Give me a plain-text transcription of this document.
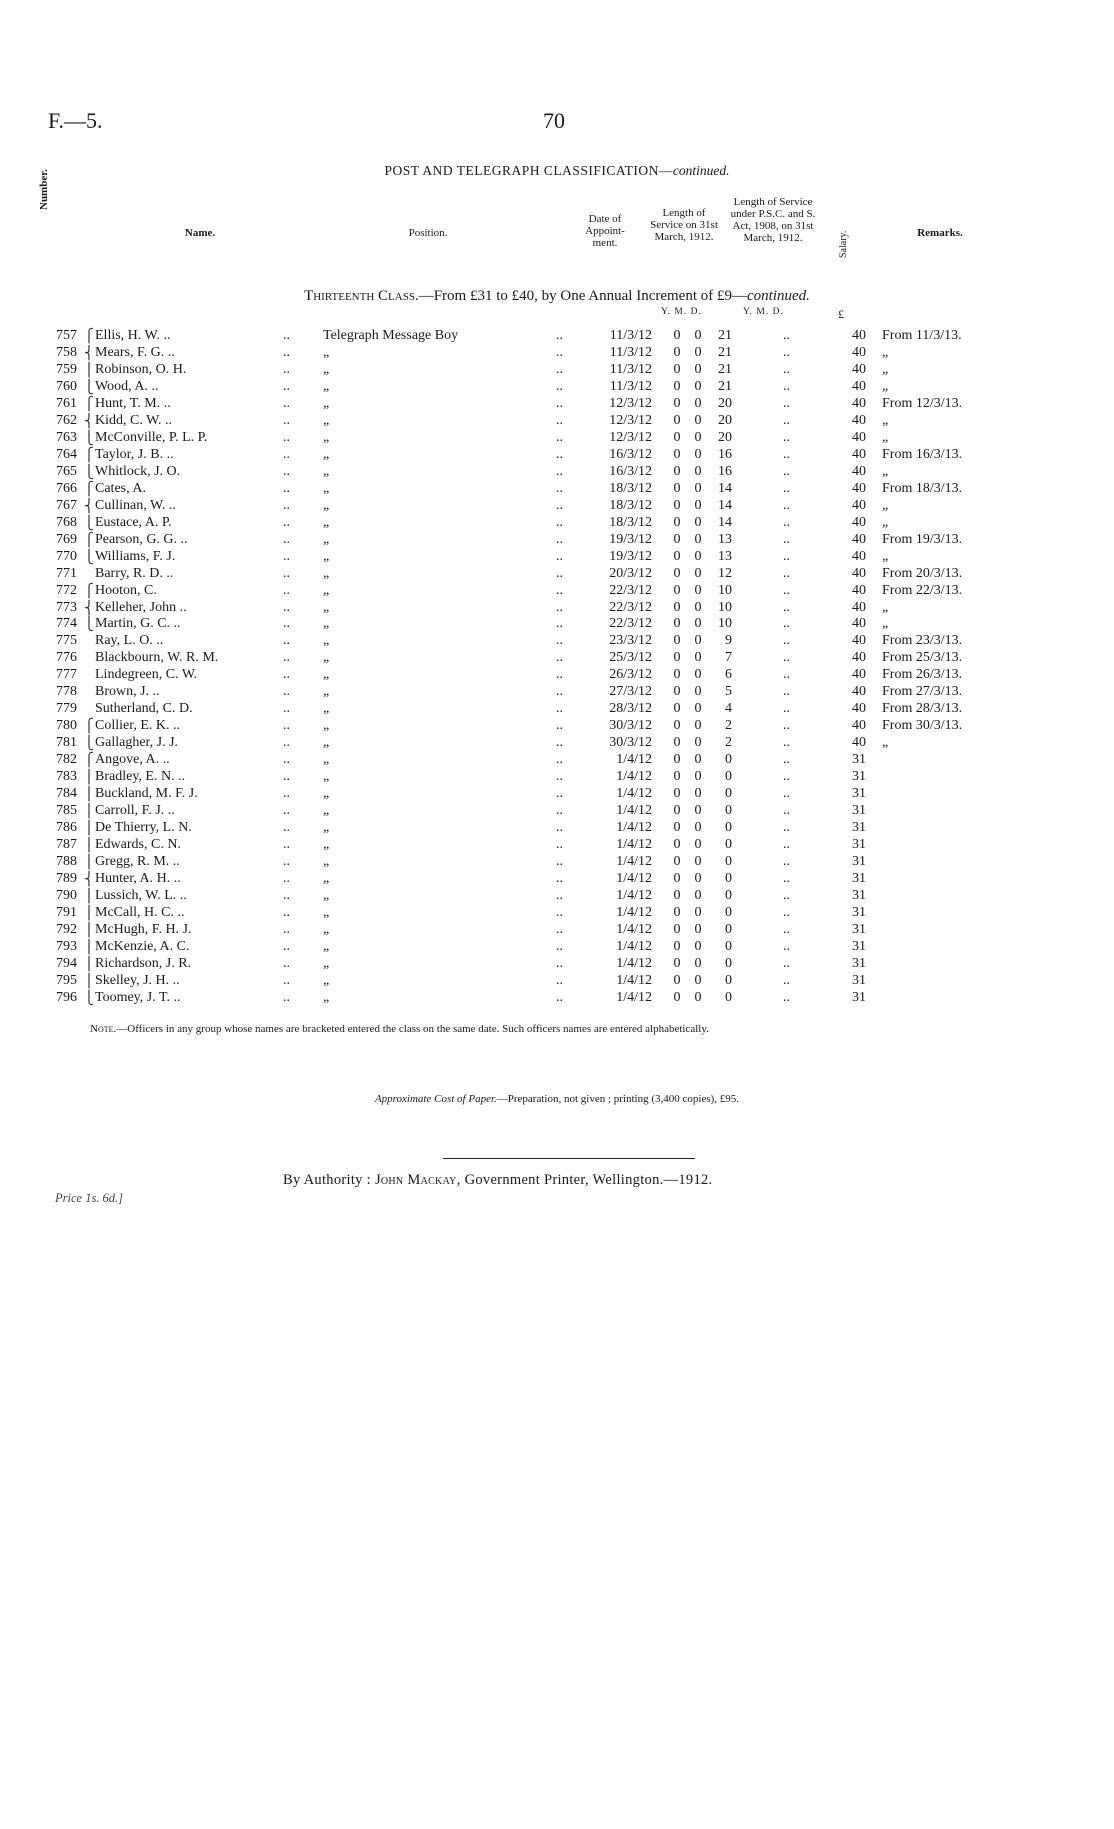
F.—5.	70
POST AND TELEGRAPH CLASSIFICATION—continued.
Number.
Name.	Position.
Date of Appoint- ment.
Length of Service on 31st March, 1912.
Length of Service under P.S.C. and S. Act, 1908, on 31st March, 1912.	Salary.	Remarks.
Thirteenth Class.—From £31 to £40, by One Annual Increment of £9—continued.
Y. M. D.	Y. M. D.	£
757 ⎧ Ellis, H. W. ..	.. Telegraph Message Boy	..	11/3/12 0 0	21	..	40 From 11/3/13.
758 ⎨ Mears, F. G. ..	.. „	..	11/3/12 0 0	21	..	40 „
759 ⎪ Robinson, O. H.	.. „	..	11/3/12 0 0	21	..	40 „
760 ⎩ Wood, A. ..	.. „	..	11/3/12 0 0	21	..	40 „
761 ⎧ Hunt, T. M. ..	.. „	..	12/3/12 0 0	20	..	40 From 12/3/13.
762 ⎨ Kidd, C. W. ..	.. „	..	12/3/12 0 0	20	..	40 „
763 ⎩ McConville, P. L. P.	.. „	..	12/3/12 0 0	20	..	40 „
764 ⎧ Taylor, J. B. ..	.. „	..	16/3/12 0 0	16	..	40 From 16/3/13.
765 ⎩ Whitlock, J. O.	.. „	..	16/3/12 0 0	16	..	40 „
766 ⎧ Cates, A.	.. „	..	18/3/12 0 0	14	..	40 From 18/3/13.
767 ⎨ Cullinan, W. ..	.. „	..	18/3/12 0 0	14	..	40 „
768 ⎩ Eustace, A. P.	.. „	..	18/3/12 0 0	14	..	40 „
769 ⎧ Pearson, G. G. ..	.. „	..	19/3/12 0 0	13	..	40 From 19/3/13.
770 ⎩ Williams, F. J.	.. „	..	19/3/12 0 0	13	..	40 „
771 Barry, R. D. ..	.. „	..	20/3/12 0 0	12	..	40 From 20/3/13.
772 ⎧ Hooton, C.	.. „	..	22/3/12 0 0	10	..	40 From 22/3/13.
773 ⎨ Kelleher, John ..	.. „	..	22/3/12 0 0	10	..	40 „
774 ⎩ Martin, G. C. ..	.. „	..	22/3/12 0 0	10	..	40 „
775 Ray, L. O. ..	.. „	..	23/3/12 0 0	9	..	40 From 23/3/13.
776 Blackbourn, W. R. M.	.. „	..	25/3/12 0 0	7	..	40 From 25/3/13.
777 Lindegreen, C. W.	.. „	..	26/3/12 0 0	6	..	40 From 26/3/13.
778 Brown, J. ..	.. „	..	27/3/12 0 0	5	..	40 From 27/3/13.
779 Sutherland, C. D.	.. „	..	28/3/12 0 0	4	..	40 From 28/3/13.
780 ⎧ Collier, E. K. ..	.. „	..	30/3/12 0 0	2	..	40 From 30/3/13.
781 ⎩ Gallagher, J. J.	.. „	..	30/3/12 0 0	2	..	40 „
782 ⎧ Angove, A. ..	.. „	..	1/4/12 0 0	0	..	31
783 ⎪ Bradley, E. N. ..	.. „	..	1/4/12 0 0	0	..	31
784 ⎪ Buckland, M. F. J.	.. „	..	1/4/12 0 0	0	..	31
785 ⎪ Carroll, F. J. ..	.. „	..	1/4/12 0 0	0	..	31
786 ⎪ De Thierry, L. N.	.. „	..	1/4/12 0 0	0	..	31
787 ⎪ Edwards, C. N.	.. „	..	1/4/12 0 0	0	..	31
788 ⎪ Gregg, R. M. ..	.. „	..	1/4/12 0 0	0	..	31
789 ⎨ Hunter, A. H. ..	.. „	..	1/4/12 0 0	0	..	31
790 ⎪ Lussich, W. L. ..	.. „	..	1/4/12 0 0	0	..	31
791 ⎪ McCall, H. C. ..	.. „	..	1/4/12 0 0	0	..	31
792 ⎪ McHugh, F. H. J.	.. „	..	1/4/12 0 0	0	..	31
793 ⎪ McKenzie, A. C.	.. „	..	1/4/12 0 0	0	..	31
794 ⎪ Richardson, J. R.	.. „	..	1/4/12 0 0	0	..	31
795 ⎪ Skelley, J. H. ..	.. „	..	1/4/12 0 0	0	..	31
796 ⎩ Toomey, J. T. ..	.. „	..	1/4/12 0 0	0	..	31
Note.—Officers in any group whose names are bracketed entered the class on the same date. Such officers names are entered alphabetically.
Approximate Cost of Paper.—Preparation, not given ; printing (3,400 copies), £95.
By Authority : John Mackay, Government Printer, Wellington.—1912.
Price 1s. 6d.]
